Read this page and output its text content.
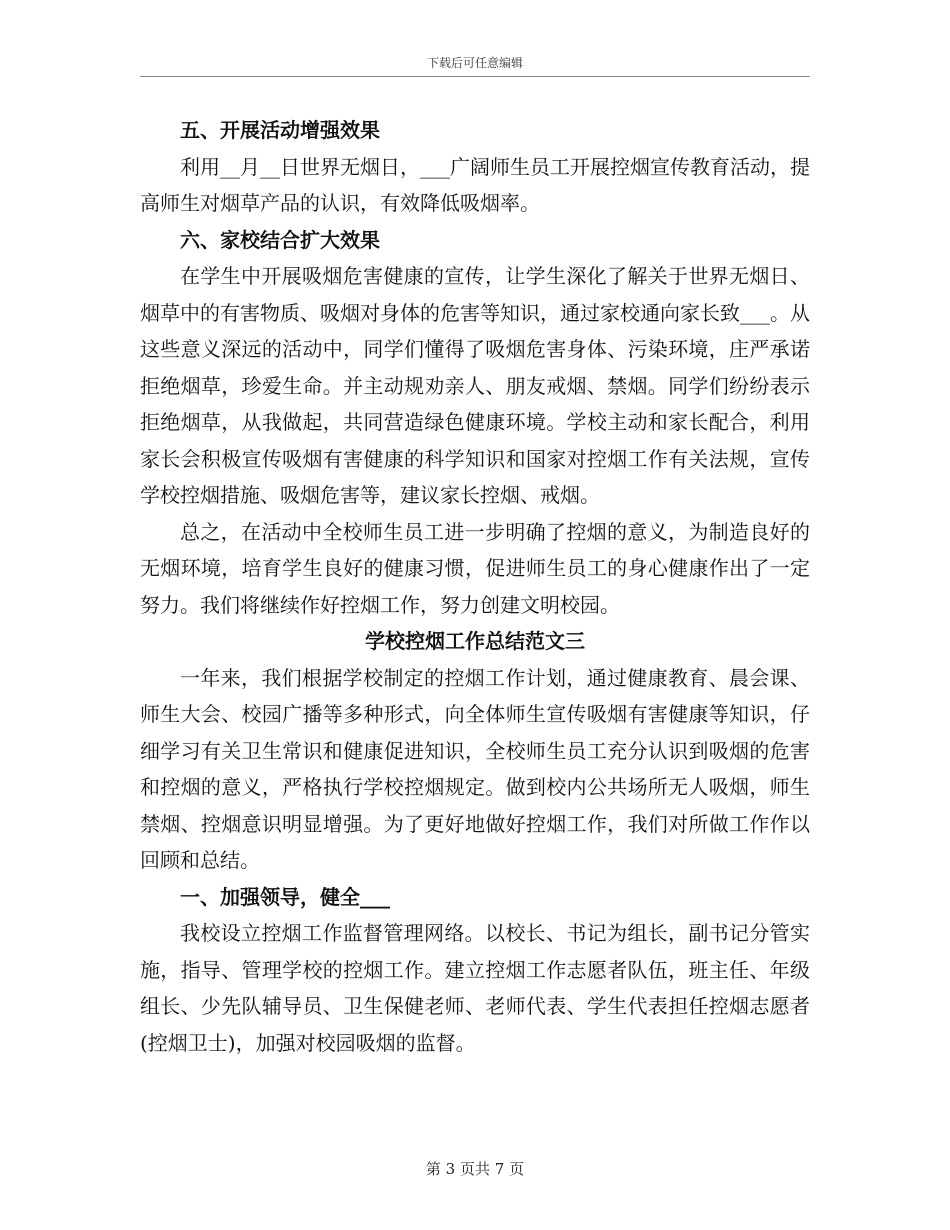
下载后可任意编辑
五、开展活动增强效果

利用__月__日世界无烟日，___广阔师生员工开展控烟宣传教育活动，提高师生对烟草产品的认识，有效降低吸烟率。

六、家校结合扩大效果

在学生中开展吸烟危害健康的宣传，让学生深化了解关于世界无烟日、烟草中的有害物质、吸烟对身体的危害等知识，通过家校通向家长致___。从这些意义深远的活动中，同学们懂得了吸烟危害身体、污染环境，庄严承诺拒绝烟草，珍爱生命。并主动规劝亲人、朋友戒烟、禁烟。同学们纷纷表示拒绝烟草，从我做起，共同营造绿色健康环境。学校主动和家长配合，利用家长会积极宣传吸烟有害健康的科学知识和国家对控烟工作有关法规，宣传学校控烟措施、吸烟危害等，建议家长控烟、戒烟。

总之，在活动中全校师生员工进一步明确了控烟的意义，为制造良好的无烟环境，培育学生良好的健康习惯，促进师生员工的身心健康作出了一定努力。我们将继续作好控烟工作，努力创建文明校园。

学校控烟工作总结范文三

一年来，我们根据学校制定的控烟工作计划，通过健康教育、晨会课、师生大会、校园广播等多种形式，向全体师生宣传吸烟有害健康等知识，仔细学习有关卫生常识和健康促进知识，全校师生员工充分认识到吸烟的危害和控烟的意义，严格执行学校控烟规定。做到校内公共场所无人吸烟，师生禁烟、控烟意识明显增强。为了更好地做好控烟工作，我们对所做工作作以回顾和总结。

一、加强领导，健全___

我校设立控烟工作监督管理网络。以校长、书记为组长，副书记分管实施，指导、管理学校的控烟工作。建立控烟工作志愿者队伍，班主任、年级组长、少先队辅导员、卫生保健老师、老师代表、学生代表担任控烟志愿者(控烟卫士)，加强对校园吸烟的监督。

第 3 页共 7 页
